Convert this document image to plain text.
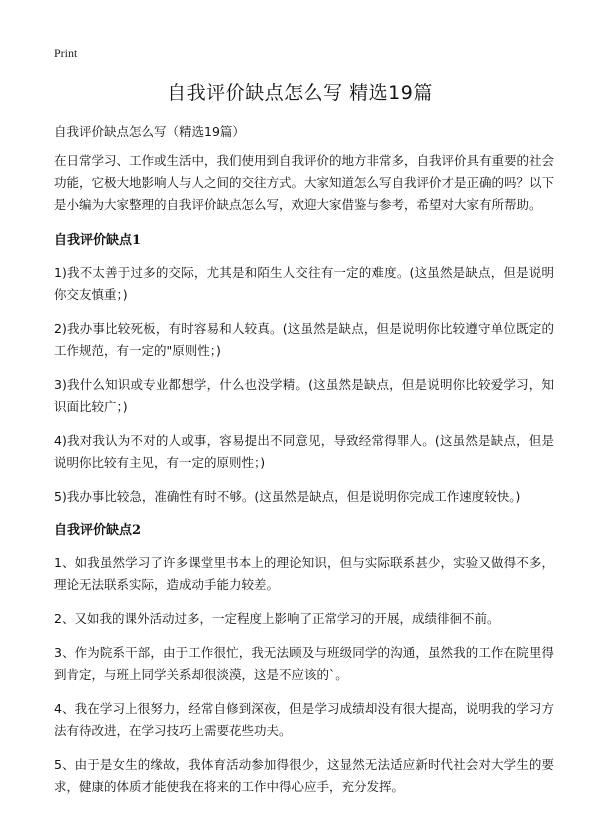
Print
自我评价缺点怎么写 精选19篇
自我评价缺点怎么写（精选19篇）

在日常学习、工作或生活中，我们使用到自我评价的地方非常多，自我评价具有重要的社会功能，它极大地影响人与人之间的交往方式。大家知道怎么写自我评价才是正确的吗？以下是小编为大家整理的自我评价缺点怎么写，欢迎大家借鉴与参考，希望对大家有所帮助。

自我评价缺点1

1)我不太善于过多的交际，尤其是和陌生人交往有一定的难度。(这虽然是缺点，但是说明你交友慎重；)

2)我办事比较死板，有时容易和人较真。(这虽然是缺点，但是说明你比较遵守单位既定的工作规范，有一定的"原则性；)

3)我什么知识或专业都想学，什么也没学精。(这虽然是缺点，但是说明你比较爱学习，知识面比较广；)

4)我对我认为不对的人或事，容易提出不同意见，导致经常得罪人。(这虽然是缺点，但是说明你比较有主见，有一定的原则性；)

5)我办事比较急，准确性有时不够。(这虽然是缺点，但是说明你完成工作速度较快。)

自我评价缺点2

1、如我虽然学习了许多课堂里书本上的理论知识，但与实际联系甚少，实验又做得不多，理论无法联系实际，造成动手能力较差。

2、又如我的课外活动过多，一定程度上影响了正常学习的开展，成绩徘徊不前。

3、作为院系干部，由于工作很忙，我无法顾及与班级同学的沟通，虽然我的工作在院里得到肯定，与班上同学关系却很淡漠，这是不应该的`。

4、我在学习上很努力，经常自修到深夜，但是学习成绩却没有很大提高，说明我的学习方法有待改进，在学习技巧上需要花些功夫。

5、由于是女生的缘故，我体育活动参加得很少，这显然无法适应新时代社会对大学生的要求，健康的体质才能使我在将来的工作中得心应手，充分发挥。
